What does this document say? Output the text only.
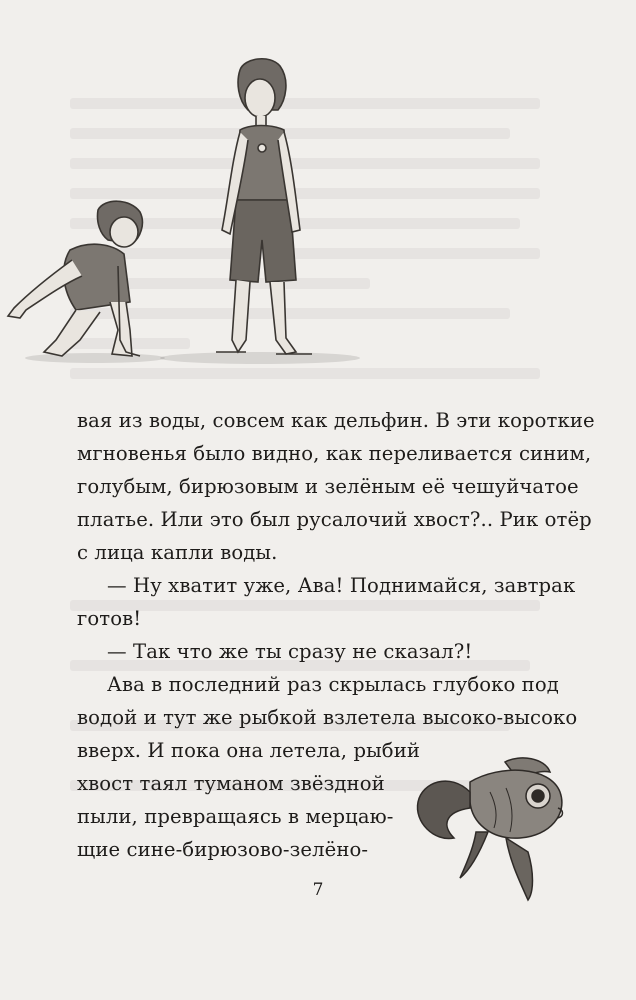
вая из воды, совсем как дельфин. В эти короткие
мгновенья было видно, как переливается синим,
голубым, бирюзовым и зелёным её чешуйчатое
платье. Или это был русалочий хвост?.. Рик отёр
с лица капли воды.
— Ну хватит уже, Ава! Поднимайся, завтрак
готов!
— Так что же ты сразу не сказал?!
Ава в последний раз скрылась глубоко под
водой и тут же рыбкой взлетела высоко-высоко
вверх. И пока она летела, рыбий
хвост таял туманом звёздной
пыли, превращаясь в мерцаю-
щие сине-бирюзово-зелёно-
7
